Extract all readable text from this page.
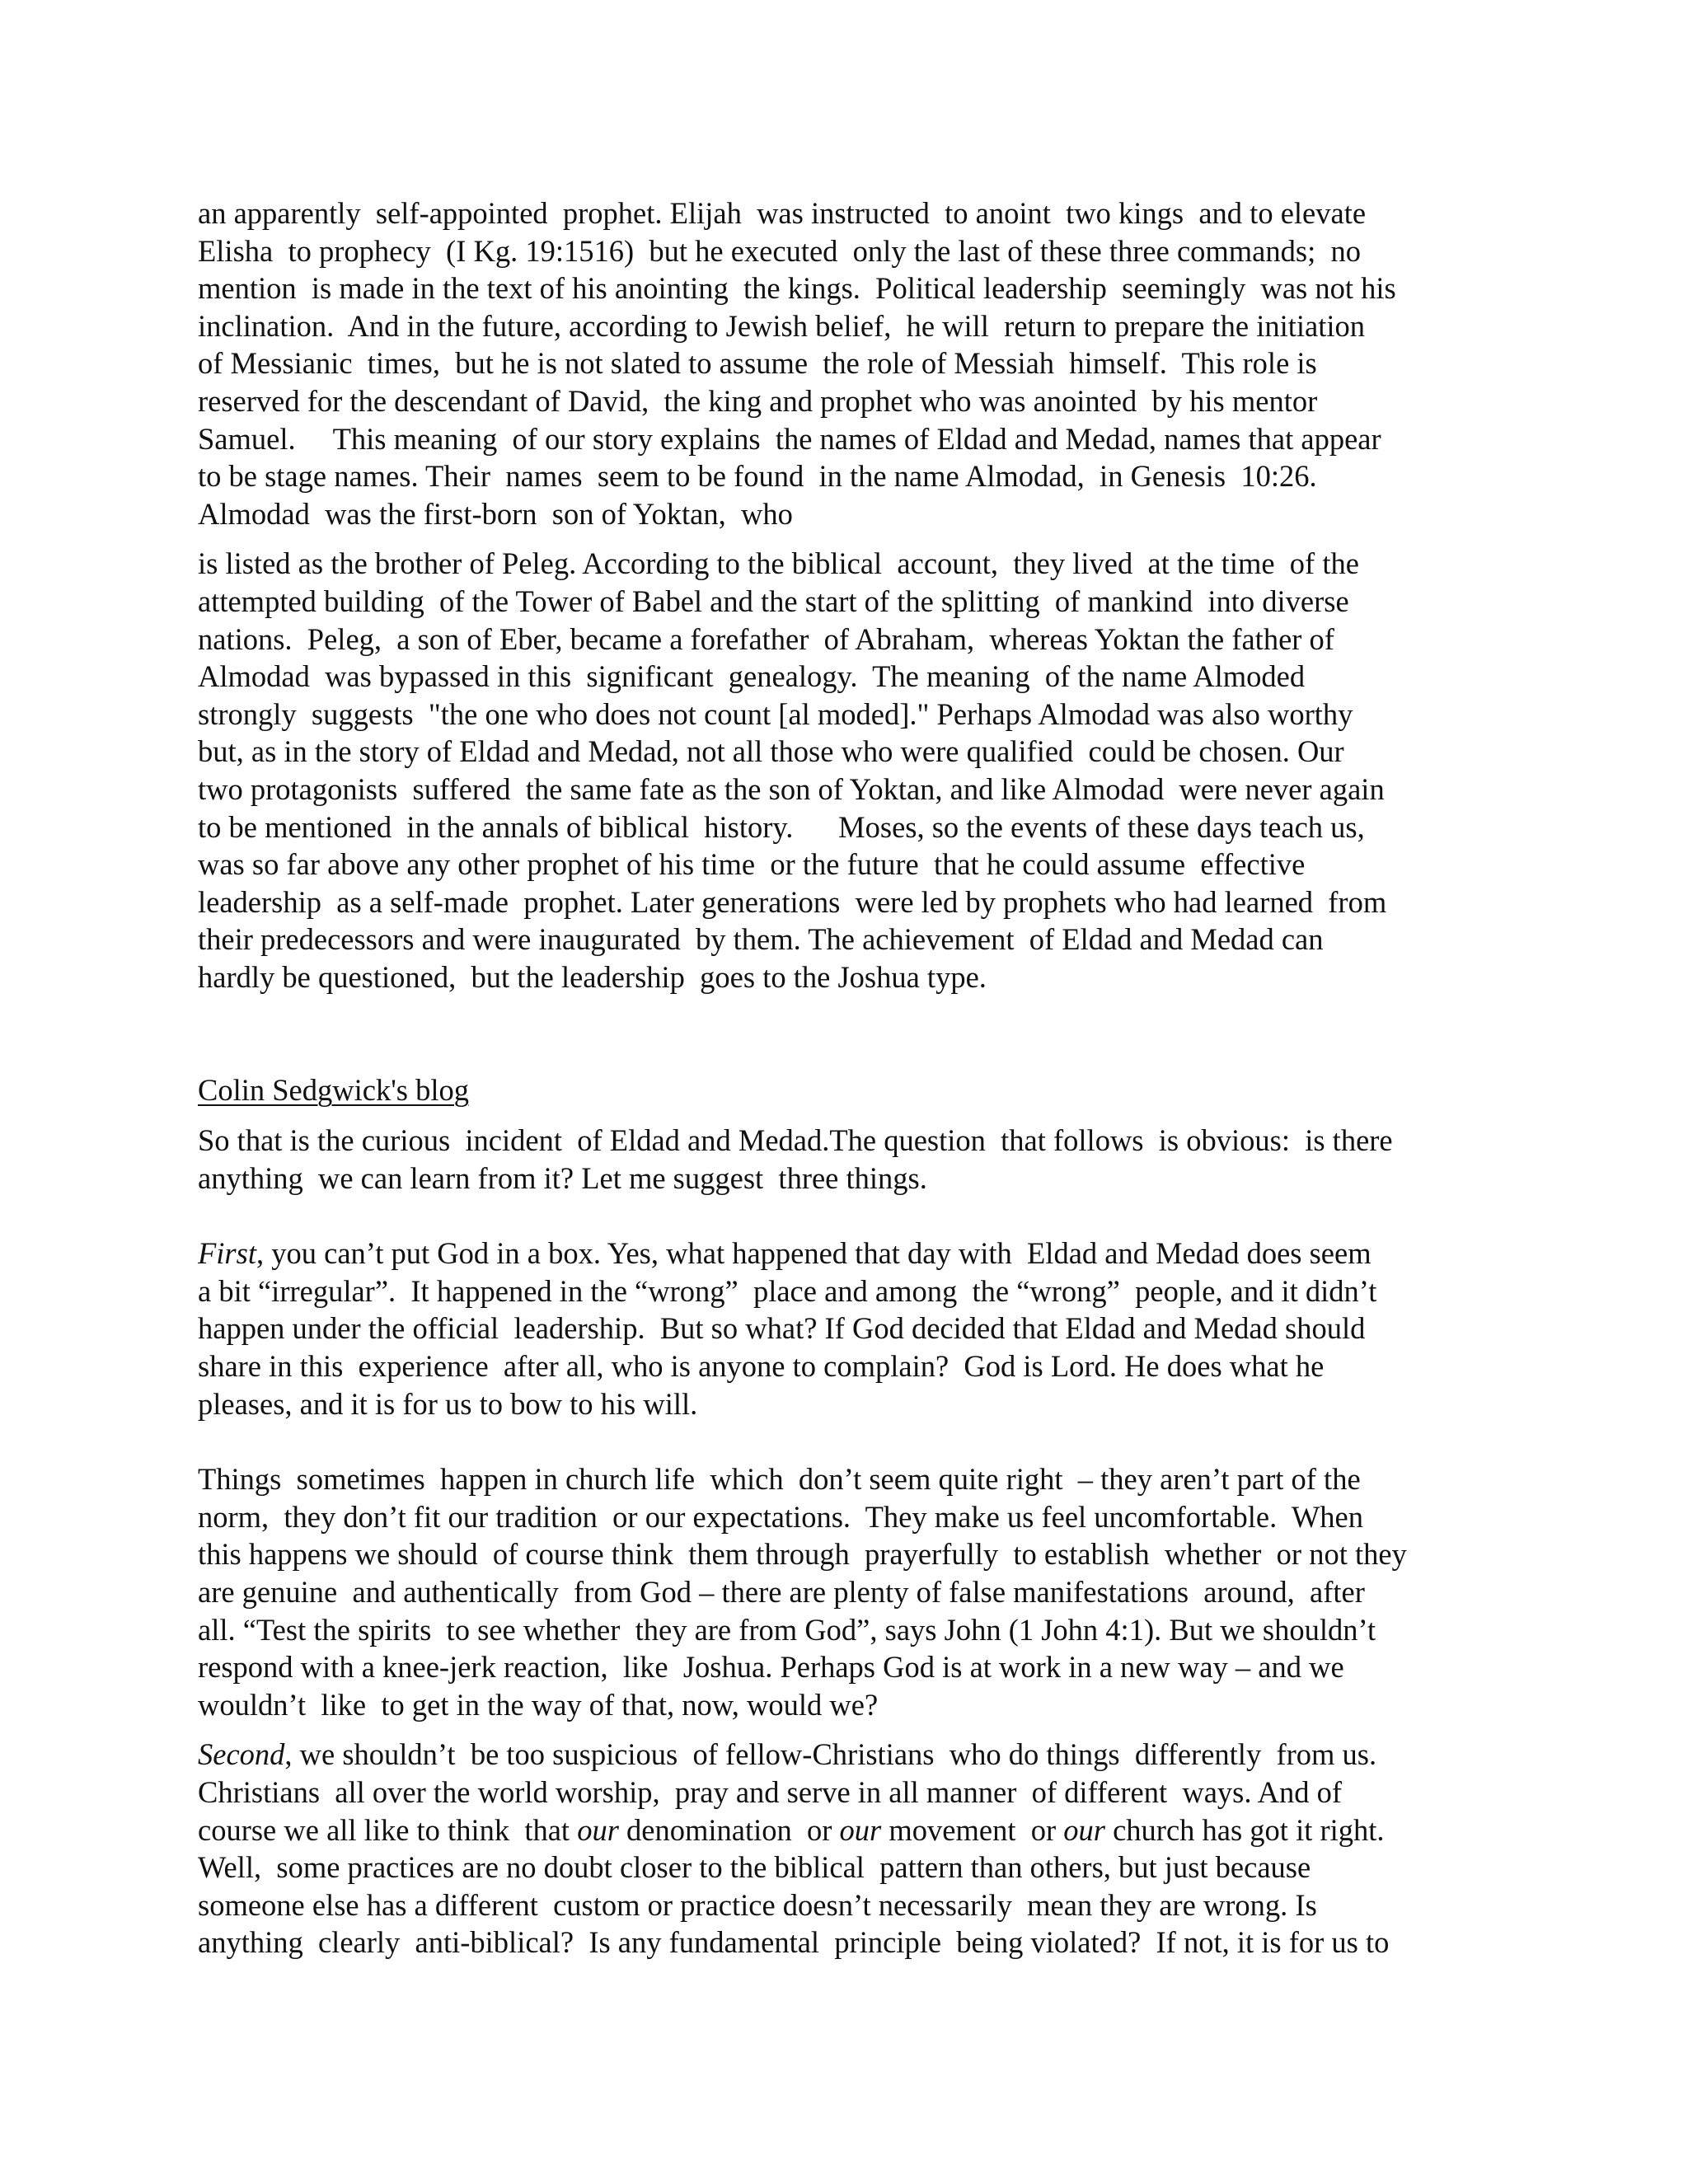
an apparently  self-appointed  prophet. Elijah  was instructed  to anoint  two kings  and to elevate
Elisha  to prophecy  (I Kg. 19:1516)  but he executed  only the last of these three commands;  no
mention  is made in the text of his anointing  the kings.  Political leadership  seemingly  was not his
inclination.  And in the future, according to Jewish belief,  he will  return to prepare the initiation
of Messianic  times,  but he is not slated to assume  the role of Messiah  himself.  This role is
reserved for the descendant of David,  the king and prophet who was anointed  by his mentor
Samuel.     This meaning  of our story explains  the names of Eldad and Medad, names that appear
to be stage names. Their  names  seem to be found  in the name Almodad,  in Genesis  10:26.
Almodad  was the first-born  son of Yoktan,  who
is listed as the brother of Peleg. According to the biblical  account,  they lived  at the time  of the
attempted building  of the Tower of Babel and the start of the splitting  of mankind  into diverse
nations.  Peleg,  a son of Eber, became a forefather  of Abraham,  whereas Yoktan the father of
Almodad  was bypassed in this  significant  genealogy.  The meaning  of the name Almoded
strongly  suggests  "the one who does not count [al moded]." Perhaps Almodad was also worthy
but, as in the story of Eldad and Medad, not all those who were qualified  could be chosen. Our
two protagonists  suffered  the same fate as the son of Yoktan, and like Almodad  were never again
to be mentioned  in the annals of biblical  history.      Moses, so the events of these days teach us,
was so far above any other prophet of his time  or the future  that he could assume  effective
leadership  as a self-made  prophet. Later generations  were led by prophets who had learned  from
their predecessors and were inaugurated  by them. The achievement  of Eldad and Medad can
hardly be questioned,  but the leadership  goes to the Joshua type.
Colin Sedgwick's blog
So that is the curious  incident  of Eldad and Medad.The question  that follows  is obvious:  is there
anything  we can learn from it? Let me suggest  three things.
First, you can’t put God in a box. Yes, what happened that day with  Eldad and Medad does seem
a bit “irregular”.  It happened in the “wrong”  place and among  the “wrong”  people, and it didn’t
happen under the official  leadership.  But so what? If God decided that Eldad and Medad should
share in this  experience  after all, who is anyone to complain?  God is Lord. He does what he
pleases, and it is for us to bow to his will.
Things  sometimes  happen in church life  which  don’t seem quite right  – they aren’t part of the
norm,  they don’t fit our tradition  or our expectations.  They make us feel uncomfortable.  When
this happens we should  of course think  them through  prayerfully  to establish  whether  or not they
are genuine  and authentically  from God – there are plenty of false manifestations  around,  after
all. “Test the spirits  to see whether  they are from God”, says John (1 John 4:1). But we shouldn’t
respond with a knee-jerk reaction,  like  Joshua. Perhaps God is at work in a new way – and we
wouldn’t  like  to get in the way of that, now, would we?
Second, we shouldn’t  be too suspicious  of fellow-Christians  who do things  differently  from us.
Christians  all over the world worship,  pray and serve in all manner  of different  ways. And of
course we all like to think  that our denomination  or our movement  or our church has got it right.
Well,  some practices are no doubt closer to the biblical  pattern than others, but just because
someone else has a different  custom or practice doesn’t necessarily  mean they are wrong. Is
anything  clearly  anti-biblical?  Is any fundamental  principle  being violated?  If not, it is for us to
